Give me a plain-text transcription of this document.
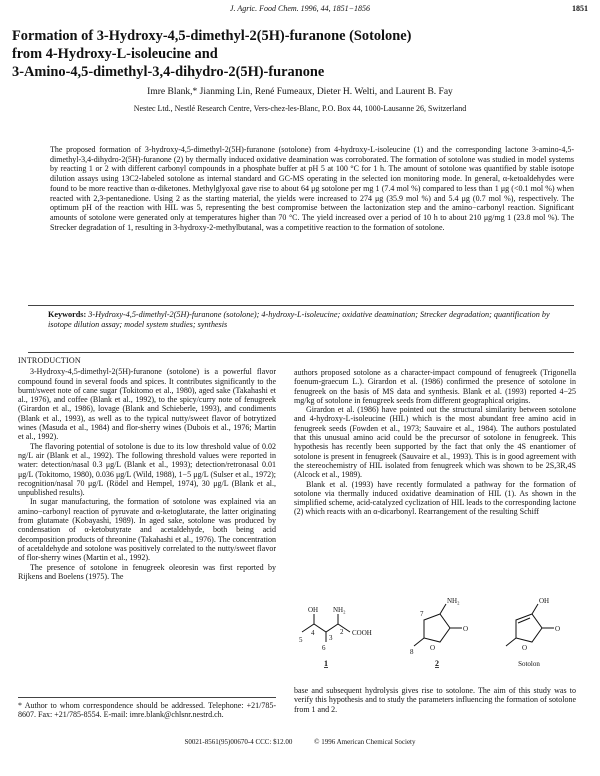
J. Agric. Food Chem. 1996, 44, 1851−1856	1851
Formation of 3-Hydroxy-4,5-dimethyl-2(5H)-furanone (Sotolone)
from 4-Hydroxy-L-isoleucine and
3-Amino-4,5-dimethyl-3,4-dihydro-2(5H)-furanone
Imre Blank,* Jianming Lin, René Fumeaux, Dieter H. Welti, and Laurent B. Fay
Nestec Ltd., Nestlé Research Centre, Vers-chez-les-Blanc, P.O. Box 44, 1000-Lausanne 26, Switzerland
The proposed formation of 3-hydroxy-4,5-dimethyl-2(5H)-furanone (sotolone) from 4-hydroxy-L-isoleucine (1) and the corresponding lactone 3-amino-4,5-dimethyl-3,4-dihydro-2(5H)-furanone (2) by thermally induced oxidative deamination was corroborated. The formation of sotolone was studied in model systems by reacting 1 or 2 with different carbonyl compounds in a phosphate buffer at pH 5 at 100 °C for 1 h. The amount of sotolone was quantified by stable isotope dilution assays using 13C2-labeled sotolone as internal standard and GC-MS operating in the selected ion monitoring mode. In general, α-ketoaldehydes were found to be more reactive than α-diketones. Methylglyoxal gave rise to about 64 μg sotolone per mg 1 (7.4 mol %) compared to less than 1 μg (<0.1 mol %) when reacted with 2,3-pentanedione. Using 2 as the starting material, the yields were increased to 274 μg (35.9 mol %) and 5.4 μg (0.7 mol %), respectively. The optimum pH of the reaction with HIL was 5, representing the best compromise between the lactonization step and the amino−carbonyl reaction. Significant amounts of sotolone were generated only at temperatures higher than 70 °C. The yield increased over a period of 10 h to about 210 μg/mg 1 (23.8 mol %). The Strecker degradation of 1, resulting in 3-hydroxy-2-methylbutanal, was a competitive reaction to the formation of sotolone.
Keywords: 3-Hydroxy-4,5-dimethyl-2(5H)-furanone (sotolone); 4-hydroxy-L-isoleucine; oxidative deamination; Strecker degradation; quantification by isotope dilution assay; model system studies; synthesis
INTRODUCTION

3-Hydroxy-4,5-dimethyl-2(5H)-furanone (sotolone) is a powerful flavor compound found in several foods and spices. It contributes significantly to the burnt/sweet note of cane sugar (Tokitomo et al., 1980), aged sake (Takahashi et al., 1976), and coffee (Blank et al., 1992), to the spicy/curry note of fenugreek (Girardon et al., 1986), lovage (Blank and Schieberle, 1993), and condiments (Blank et al., 1993), as well as to the typical nutty/sweet flavor of botrytized wines (Masuda et al., 1984) and flor-sherry wines (Dubois et al., 1976; Martin et al., 1992).

The flavoring potential of sotolone is due to its low threshold value of 0.02 ng/L air (Blank et al., 1992). The following threshold values were reported in water: detection/nasal 0.3 μg/L (Blank et al., 1993); detection/retronasal 0.01 μg/L (Tokitomo, 1980), 0.036 μg/L (Wild, 1988), 1−5 μg/L (Sulser et al., 1972); recognition/nasal 70 μg/L (Rödel and Hempel, 1974), 30 μg/L (Blank et al., unpublished results).

In sugar manufacturing, the formation of sotolone was explained via an amino−carbonyl reaction of pyruvate and α-ketoglutarate, the latter originating from glutamate (Kobayashi, 1989). In aged sake, sotolone was produced by condensation of α-ketobutyrate and acetaldehyde, both being acid decomposition products of threonine (Takahashi et al., 1976). The concentration of acetaldehyde and sotolone was positively correlated to the nutty/sweet flavor of flor-sherry wines (Martin et al., 1992).

The presence of sotolone in fenugreek oleoresin was first reported by Rijkens and Boelens (1975). The

* Author to whom correspondence should be addressed. Telephone: +21/785-8607. Fax: +21/785-8554. E-mail: imre.blank@chlsnr.nestrd.ch.

authors proposed sotolone as a character-impact compound of fenugreek (Trigonella foenum-graecum L.). Girardon et al. (1986) confirmed the presence of sotolone in fenugreek on the basis of MS data and synthesis. Blank et al. (1993) reported 4−25 mg/kg of sotolone in fenugreek seeds from different geographical origins.

Girardon et al. (1986) have pointed out the structural similarity between sotolone and 4-hydroxy-L-isoleucine (HIL) which is the most abundant free amino acid in fenugreek seeds (Fowden et al., 1973; Sauvaire et al., 1984). The authors postulated that this unusual amino acid could be the precursor of sotolone in fenugreek. This hypothesis has recently been supported by the fact that only the 4S enantiomer of sotolone is present in fenugreek (Sauvaire et al., 1993). This is in good agreement with the stereochemistry of HIL isolated from fenugreek which was shown to be 2S,3R,4S (Alcock et al., 1989).

Blank et al. (1993) have recently formulated a pathway for the formation of sotolone via thermally induced oxidative deamination of HIL (1). As shown in the simplified scheme, acid-catalyzed cyclization of HIL leads to the corresponding lactone (2) which reacts with an α-dicarbonyl. Rearrangement of the resulting Schiff

OH NH₂
COOH
5
4
3
2
6
7
NH₂
O
O
8
OH
O
O
1	2	Sotolon
base and subsequent hydrolysis gives rise to sotolone. The aim of this study was to verify this hypothesis and to study the parameters influencing the formation of sotolone from 1 and 2.
S0021-8561(95)00670-4 CCC: $12.00	© 1996 American Chemical Society
